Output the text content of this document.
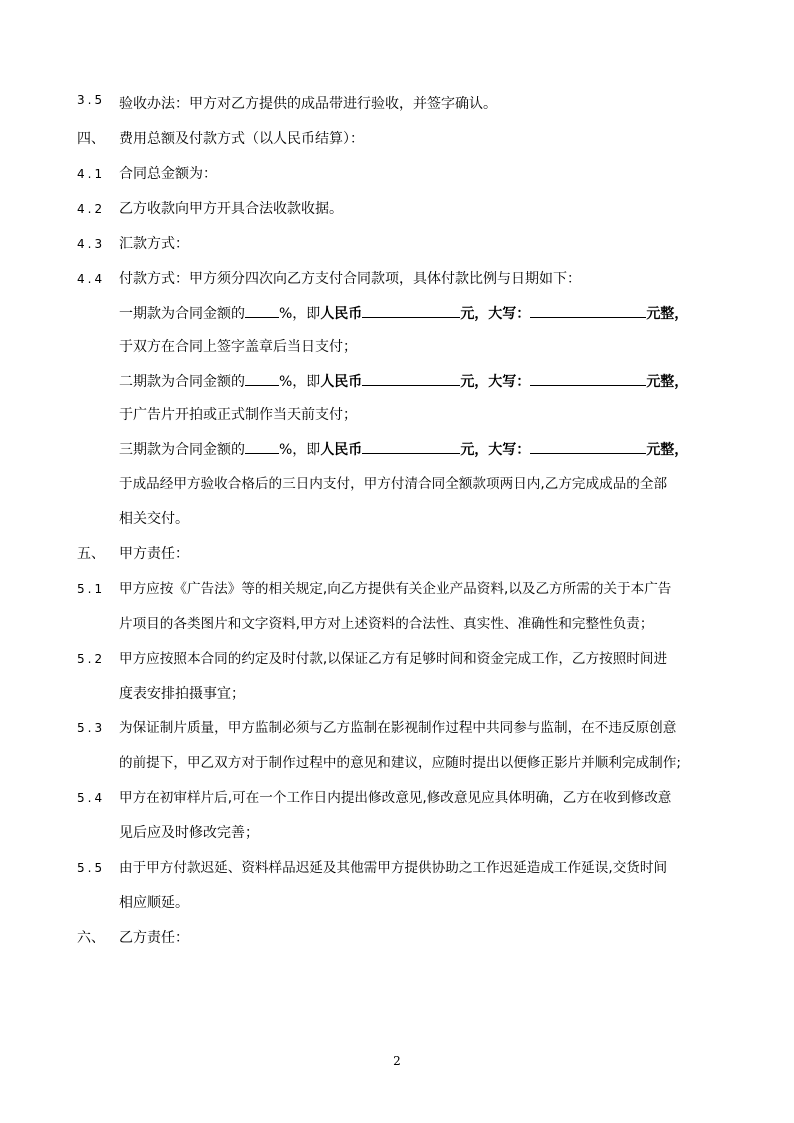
3.5 验收办法：甲方对乙方提供的成品带进行验收，并签字确认。
四、 费用总额及付款方式（以人民币结算）：
4.1 合同总金额为：
4.2 乙方收款向甲方开具合法收款收据。
4.3 汇款方式：
4.4 付款方式：甲方须分四次向乙方支付合同款项，具体付款比例与日期如下：
一期款为合同金额的 %，即人民币	元，大写：	元整，
于双方在合同上签字盖章后当日支付；
二期款为合同金额的 %，即人民币	元，大写：	元整，
于广告片开拍或正式制作当天前支付；
三期款为合同金额的 %，即人民币	元，大写：	元整，
于成品经甲方验收合格后的三日内支付，甲方付清合同全额款项两日内,乙方完成成品的全部
相关交付。
五、 甲方责任：
5.1 甲方应按《广告法》等的相关规定,向乙方提供有关企业产品资料,以及乙方所需的关于本广告
片项目的各类图片和文字资料,甲方对上述资料的合法性、真实性、准确性和完整性负责；
5.2 甲方应按照本合同的约定及时付款,以保证乙方有足够时间和资金完成工作，乙方按照时间进
度表安排拍摄事宜；
5.3 为保证制片质量，甲方监制必须与乙方监制在影视制作过程中共同参与监制，在不违反原创意
的前提下，甲乙双方对于制作过程中的意见和建议，应随时提出以便修正影片并顺利完成制作;
5.4 甲方在初审样片后,可在一个工作日内提出修改意见,修改意见应具体明确，乙方在收到修改意
见后应及时修改完善；
5.5 由于甲方付款迟延、资料样品迟延及其他需甲方提供协助之工作迟延造成工作延误,交货时间
相应顺延。
六、 乙方责任：
2
